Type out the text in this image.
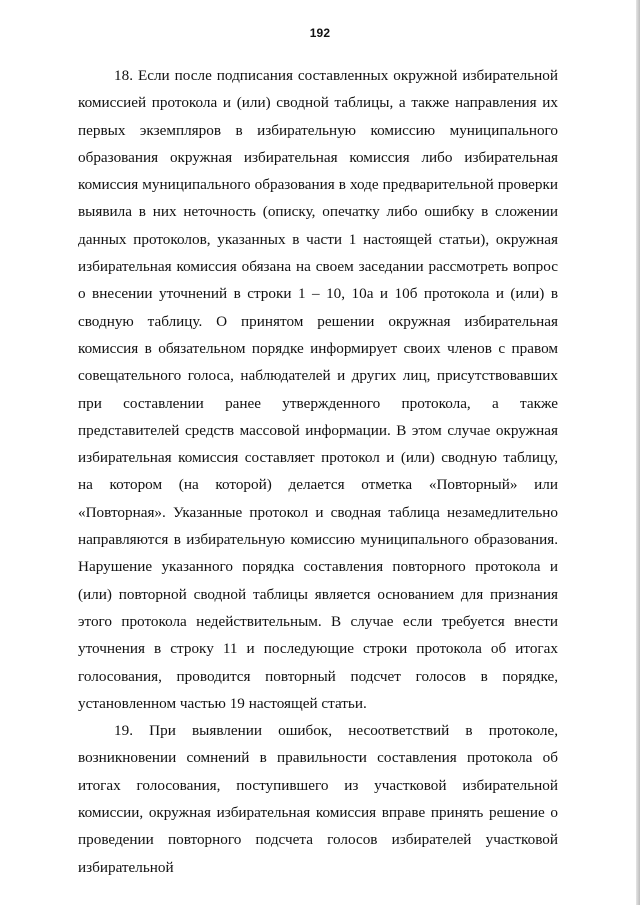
192

18. Если после подписания составленных окружной избирательной комиссией протокола и (или) сводной таблицы, а также направления их первых экземпляров в избирательную комиссию муниципального образования окружная избирательная комиссия либо избирательная комиссия муниципального образования в ходе предварительной проверки выявила в них неточность (описку, опечатку либо ошибку в сложении данных протоколов, указанных в части 1 настоящей статьи), окружная избирательная комиссия обязана на своем заседании рассмотреть вопрос о внесении уточнений в строки 1 – 10, 10а и 10б протокола и (или) в сводную таблицу. О принятом решении окружная избирательная комиссия в обязательном порядке информирует своих членов с правом совещательного голоса, наблюдателей и других лиц, присутствовавших при составлении ранее утвержденного протокола, а также представителей средств массовой информации. В этом случае окружная избирательная комиссия составляет протокол и (или) сводную таблицу, на котором (на которой) делается отметка «Повторный» или «Повторная». Указанные протокол и сводная таблица незамедлительно направляются в избирательную комиссию муниципального образования. Нарушение указанного порядка составления повторного протокола и (или) повторной сводной таблицы является основанием для признания этого протокола недействительным. В случае если требуется внести уточнения в строку 11 и последующие строки протокола об итогах голосования, проводится повторный подсчет голосов в порядке, установленном частью 19 настоящей статьи.

19. При выявлении ошибок, несоответствий в протоколе, возникновении сомнений в правильности составления протокола об итогах голосования, поступившего из участковой избирательной комиссии, окружная избирательная комиссия вправе принять решение о проведении повторного подсчета голосов избирателей участковой избирательной
